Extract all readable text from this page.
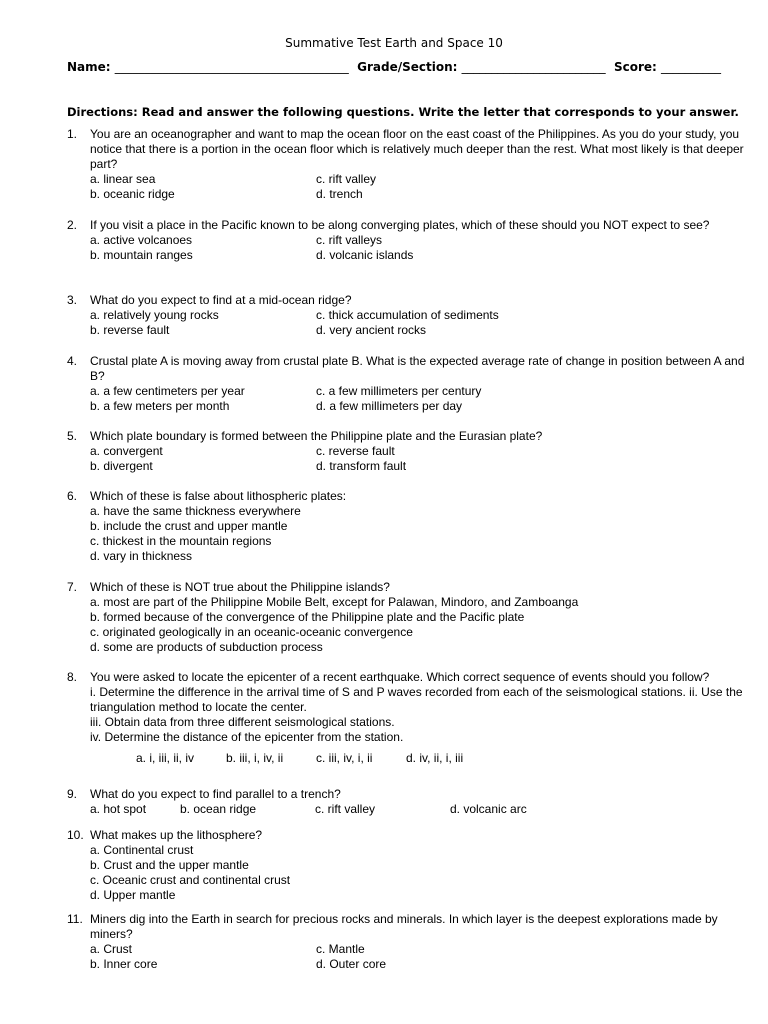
Summative Test Earth and Space 10
Name: _______________________________________ Grade/Section: ________________________ Score: __________
Directions: Read and answer the following questions. Write the letter that corresponds to your answer.
1. You are an oceanographer and want to map the ocean floor on the east coast of the Philippines. As you do your study, you notice that there is a portion in the ocean floor which is relatively much deeper than the rest. What most likely is that deeper part?
a. linear sea	c. rift valley
b. oceanic ridge	d. trench
2. If you visit a place in the Pacific known to be along converging plates, which of these should you NOT expect to see?
a. active volcanoes	c. rift valleys
b. mountain ranges	d. volcanic islands
3. What do you expect to find at a mid-ocean ridge?
a. relatively young rocks	c. thick accumulation of sediments
b. reverse fault	d. very ancient rocks
4. Crustal plate A is moving away from crustal plate B. What is the expected average rate of change in position between A and B?
a. a few centimeters per year	c. a few millimeters per century
b. a few meters per month	d. a few millimeters per day
5. Which plate boundary is formed between the Philippine plate and the Eurasian plate?
a. convergent	c. reverse fault
b. divergent	d. transform fault
6. Which of these is false about lithospheric plates:
a. have the same thickness everywhere
b. include the crust and upper mantle
c. thickest in the mountain regions
d. vary in thickness
7. Which of these is NOT true about the Philippine islands?
a. most are part of the Philippine Mobile Belt, except for Palawan, Mindoro, and Zamboanga
b. formed because of the convergence of the Philippine plate and the Pacific plate
c. originated geologically in an oceanic-oceanic convergence
d. some are products of subduction process
8. You were asked to locate the epicenter of a recent earthquake. Which correct sequence of events should you follow?
i. Determine the difference in the arrival time of S and P waves recorded from each of the seismological stations. ii. Use the triangulation method to locate the center.
iii. Obtain data from three different seismological stations.
iv. Determine the distance of the epicenter from the station.
a. i, iii, ii, iv	b. iii, i, iv, ii	c. iii, iv, i, ii	d. iv, ii, i, iii
9. What do you expect to find parallel to a trench?
a. hot spot	b. ocean ridge	c. rift valley	d. volcanic arc
10. What makes up the lithosphere?
a. Continental crust
b. Crust and the upper mantle
c. Oceanic crust and continental crust
d. Upper mantle
11. Miners dig into the Earth in search for precious rocks and minerals. In which layer is the deepest explorations made by miners?
a. Crust	c. Mantle
b. Inner core	d. Outer core
